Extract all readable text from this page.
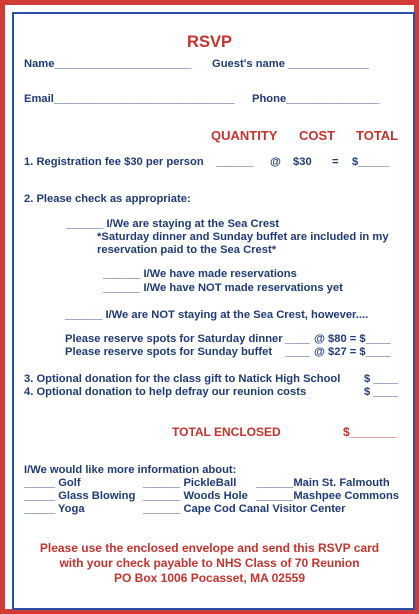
RSVP
Name______________________ Guest's name _____________
Email_____________________________ Phone_______________
QUANTITY COST TOTAL
1. Registration fee $30 per person ______ @ $30 = $_____
2. Please check as appropriate:
______ I/We are staying at the Sea Crest
*Saturday dinner and Sunday buffet are included in my
reservation paid to the Sea Crest*
______ I/We have made reservations
______ I/We have NOT made reservations yet
______ I/We are NOT staying at the Sea Crest, however....
Please reserve spots for Saturday dinner ____ @ $80 = $____
Please reserve spots for Sunday buffet ____ @ $27 = $____
3. Optional donation for the class gift to Natick High School $ ____
4. Optional donation to help defray our reunion costs	$ ____
TOTAL ENCLOSED	$_______
I/We would like more information about:
_____ Golf	______ PickleBall ______Main St. Falmouth
_____ Glass Blowing ______ Woods Hole ______Mashpee Commons
_____ Yoga	______ Cape Cod Canal Visitor Center
Please use the enclosed envelope and send this RSVP card
with your check payable to NHS Class of 70 Reunion
PO Box 1006 Pocasset, MA 02559
